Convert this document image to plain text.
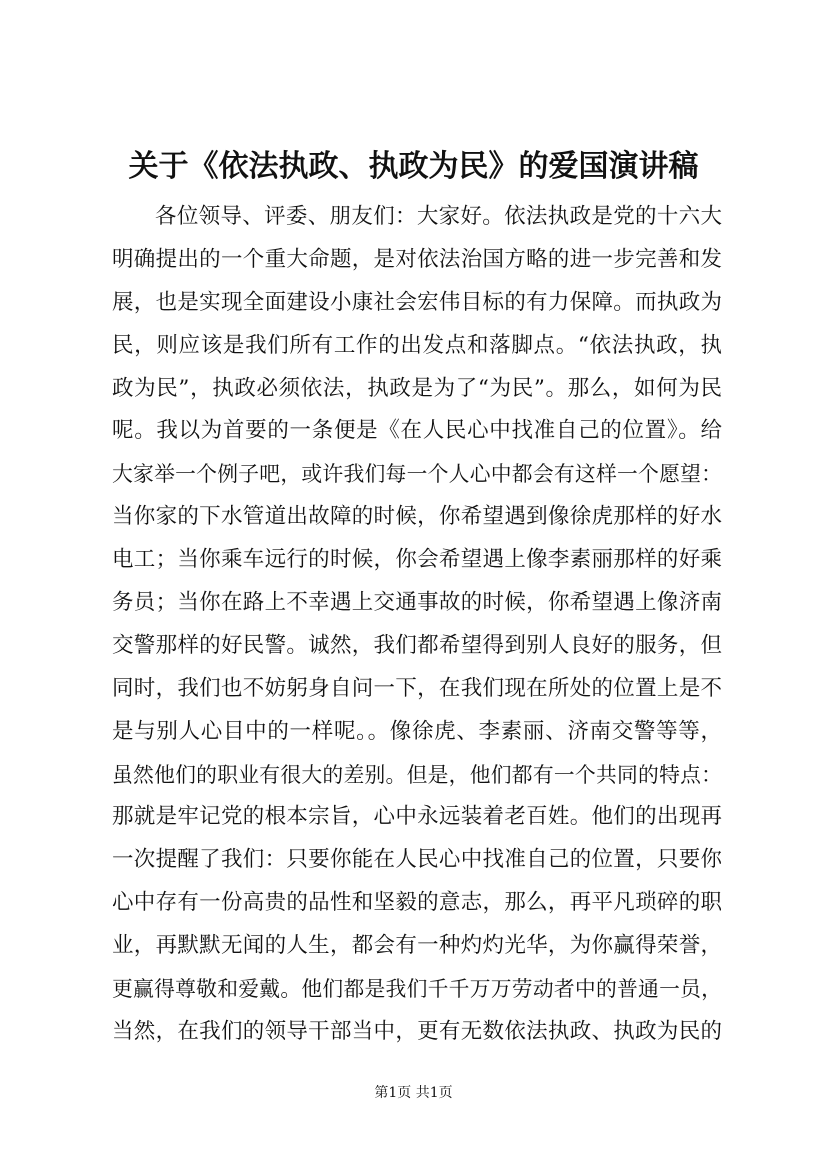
关于《依法执政、执政为民》的爱国演讲稿
各位领导、评委、朋友们：大家好。依法执政是党的十六大
明确提出的一个重大命题，是对依法治国方略的进一步完善和发
展，也是实现全面建设小康社会宏伟目标的有力保障。而执政为
民，则应该是我们所有工作的出发点和落脚点。“依法执政，执
政为民”，执政必须依法，执政是为了“为民”。那么，如何为民
呢。我以为首要的一条便是《在人民心中找准自己的位置》。给
大家举一个例子吧，或许我们每一个人心中都会有这样一个愿望：
当你家的下水管道出故障的时候，你希望遇到像徐虎那样的好水
电工；当你乘车远行的时候，你会希望遇上像李素丽那样的好乘
务员；当你在路上不幸遇上交通事故的时候，你希望遇上像济南
交警那样的好民警。诚然，我们都希望得到别人良好的服务，但
同时，我们也不妨躬身自问一下，在我们现在所处的位置上是不
是与别人心目中的一样呢。。像徐虎、李素丽、济南交警等等，
虽然他们的职业有很大的差别。但是，他们都有一个共同的特点：
那就是牢记党的根本宗旨，心中永远装着老百姓。他们的出现再
一次提醒了我们：只要你能在人民心中找准自己的位置，只要你
心中存有一份高贵的品性和坚毅的意志，那么，再平凡琐碎的职
业，再默默无闻的人生，都会有一种灼灼光华，为你赢得荣誉，
更赢得尊敬和爱戴。他们都是我们千千万万劳动者中的普通一员，
当然，在我们的领导干部当中，更有无数依法执政、执政为民的
第1页 共1页
